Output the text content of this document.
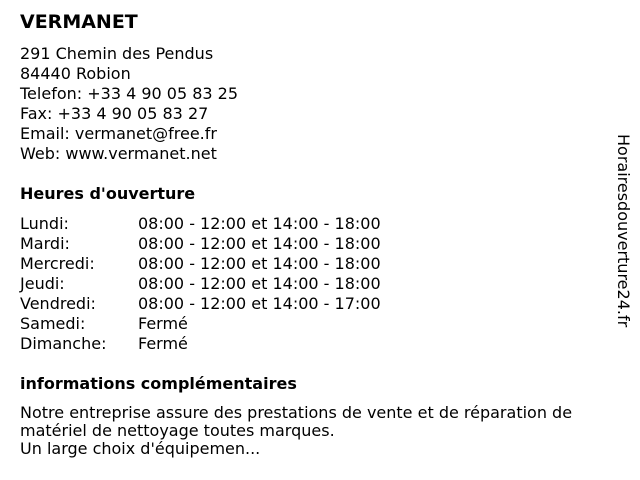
VERMANET
291 Chemin des Pendus
84440 Robion
Telefon: +33 4 90 05 83 25
Fax: +33 4 90 05 83 27
Email: vermanet@free.fr
Web: www.vermanet.net
Heures d'ouverture
Lundi:	08:00 - 12:00 et 14:00 - 18:00
Mardi:	08:00 - 12:00 et 14:00 - 18:00
Mercredi:	08:00 - 12:00 et 14:00 - 18:00
Jeudi:	08:00 - 12:00 et 14:00 - 18:00
Vendredi:	08:00 - 12:00 et 14:00 - 17:00
Samedi:	Fermé
Dimanche: Fermé
informations complémentaires

Notre entreprise assure des prestations de vente et de réparation de
matériel de nettoyage toutes marques.
Un large choix d'équipemen...

Horairesdouverture24.fr
